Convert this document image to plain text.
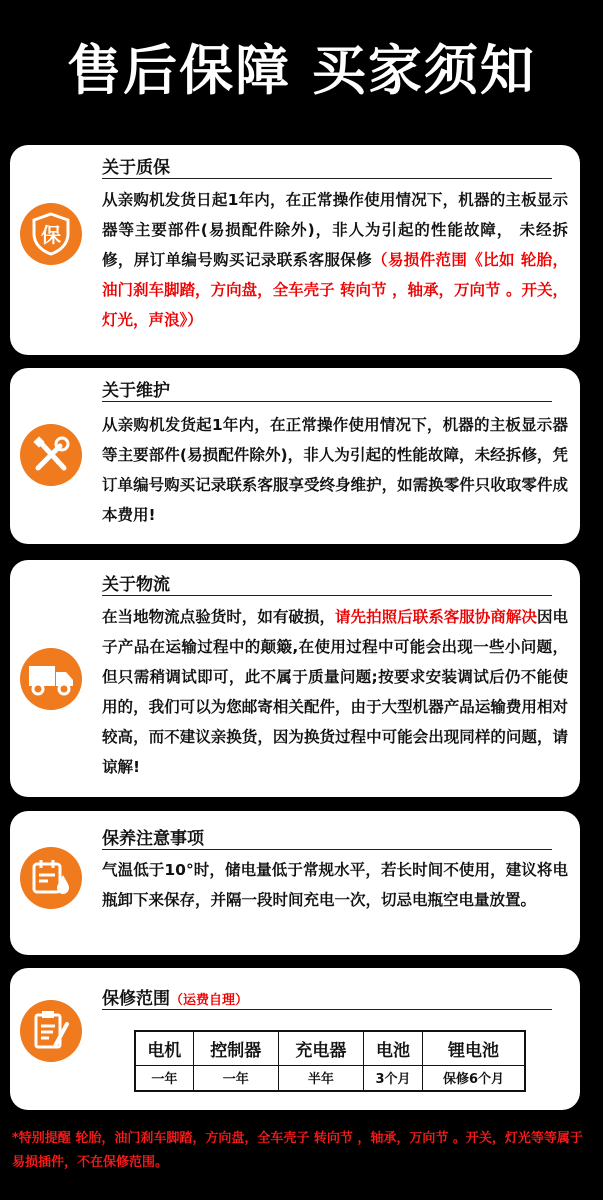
售后保障 买家须知
保
关于质保
从亲购机发货日起1年内，在正常操作使用情况下，机器的主板显示器等主要部件(易损配件除外)，非人为引起的性能故障， 未经拆修，屏订单编号购买记录联系客服保修（易损件范围《比如 轮胎，油门刹车脚踏，方向盘，全车壳子 转向节 ，轴承，万向节 。开关，灯光，声浪》）
关于维护
从亲购机发货起1年内，在正常操作使用情况下，机器的主板显示器等主要部件(易损配件除外)，非人为引起的性能故障，未经拆修，凭订单编号购买记录联系客服享受终身维护，如需换零件只收取零件成本费用!
关于物流
在当地物流点验货时，如有破损，请先拍照后联系客服协商解决因电子产品在运输过程中的颠簸,在使用过程中可能会出现一些小问题，但只需稍调试即可，此不属于质量问题;按要求安装调试后仍不能使用的，我们可以为您邮寄相关配件，由于大型机器产品运输费用相对较高，而不建议亲换货，因为换货过程中可能会出现同样的问题，请谅解!
保养注意事项
气温低于10°时，储电量低于常规水平，若长时间不使用，建议将电瓶卸下来保存，并隔一段时间充电一次，切忌电瓶空电量放置。
保修范围（运费自理）
电机	控制器	充电器	电池	锂电池
一年	一年	半年	3个月	保修6个月
*特别提醒 轮胎，油门刹车脚踏，方向盘，全车壳子 转向节 ，轴承，万向节 。开关，灯光等等属于易损插件，不在保修范围。
